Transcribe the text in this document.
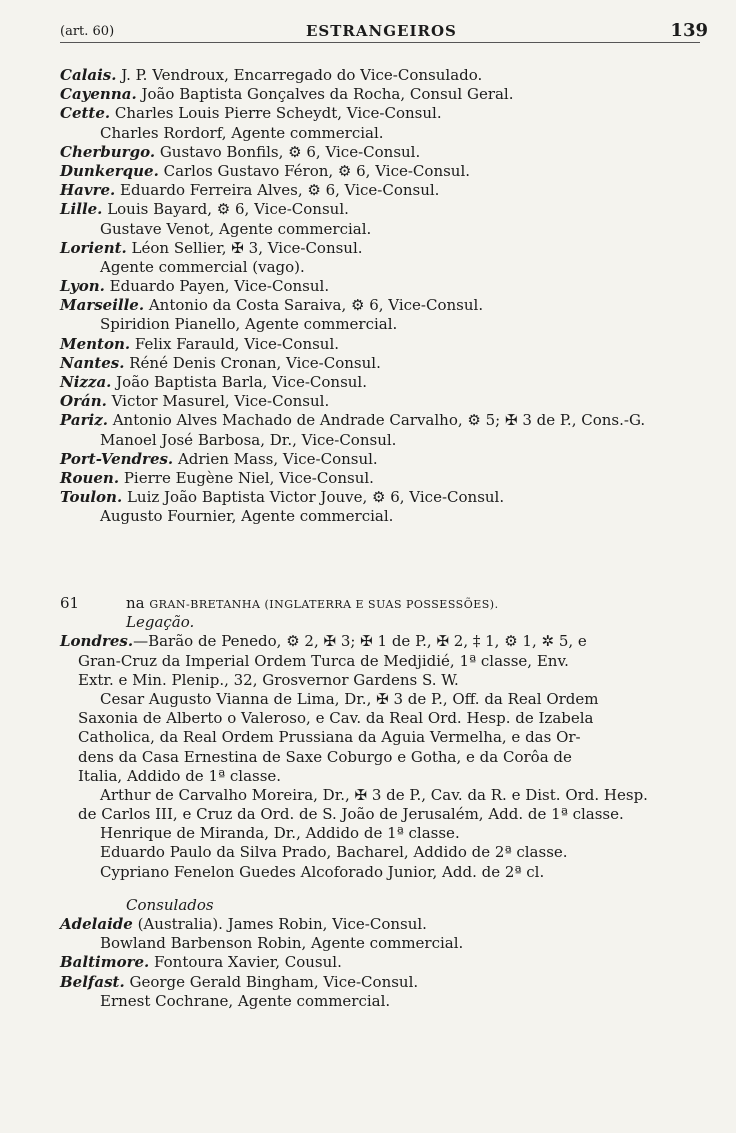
(art. 60)	ESTRANGEIROS	139
Calais. J. P. Vendroux, Encarregado do Vice-Consulado.
Cayenna. João Baptista Gonçalves da Rocha, Consul Geral.
Cette. Charles Louis Pierre Scheydt, Vice-Consul.
Charles Rordorf, Agente commercial.
Cherburgo. Gustavo Bonfils, ⚙ 6, Vice-Consul.
Dunkerque. Carlos Gustavo Féron, ⚙ 6, Vice-Consul.
Havre. Eduardo Ferreira Alves, ⚙ 6, Vice-Consul.
Lille. Louis Bayard, ⚙ 6, Vice-Consul.
Gustave Venot, Agente commercial.
Lorient. Léon Sellier, ✠ 3, Vice-Consul.
Agente commercial (vago).
Lyon. Eduardo Payen, Vice-Consul.
Marseille. Antonio da Costa Saraiva, ⚙ 6, Vice-Consul.
Spiridion Pianello, Agente commercial.
Menton. Felix Farauld, Vice-Consul.
Nantes. Réné Denis Cronan, Vice-Consul.
Nizza. João Baptista Barla, Vice-Consul.
Orán. Victor Masurel, Vice-Consul.
Pariz. Antonio Alves Machado de Andrade Carvalho, ⚙ 5; ✠ 3 de P., Cons.-G.
Manoel José Barbosa, Dr., Vice-Consul.
Port-Vendres. Adrien Mass, Vice-Consul.
Rouen. Pierre Eugène Niel, Vice-Consul.
Toulon. Luiz João Baptista Victor Jouve, ⚙ 6, Vice-Consul.
Augusto Fournier, Agente commercial.
61	na GRAN-BRETANHA (INGLATERRA E SUAS POSSESSÕES).
Legação.
Londres.—Barão de Penedo, ⚙ 2, ✠ 3; ✠ 1 de P., ✠ 2, ‡ 1, ⚙ 1, ✲ 5, e
Gran-Cruz da Imperial Ordem Turca de Medjidié, 1ª classe, Env.
Extr. e Min. Plenip., 32, Grosvernor Gardens S. W.
Cesar Augusto Vianna de Lima, Dr., ✠ 3 de P., Off. da Real Ordem
Saxonia de Alberto o Valeroso, e Cav. da Real Ord. Hesp. de Izabela
Catholica, da Real Ordem Prussiana da Aguia Vermelha, e das Or-
dens da Casa Ernestina de Saxe Coburgo e Gotha, e da Corôa de
Italia, Addido de 1ª classe.
Arthur de Carvalho Moreira, Dr., ✠ 3 de P., Cav. da R. e Dist. Ord. Hesp.
de Carlos III, e Cruz da Ord. de S. João de Jerusalém, Add. de 1ª classe.
Henrique de Miranda, Dr., Addido de 1ª classe.
Eduardo Paulo da Silva Prado, Bacharel, Addido de 2ª classe.
Cypriano Fenelon Guedes Alcoforado Junior, Add. de 2ª cl.
Consulados
Adelaide (Australia). James Robin, Vice-Consul.
Bowland Barbenson Robin, Agente commercial.
Baltimore. Fontoura Xavier, Cousul.
Belfast. George Gerald Bingham, Vice-Consul.
Ernest Cochrane, Agente commercial.
